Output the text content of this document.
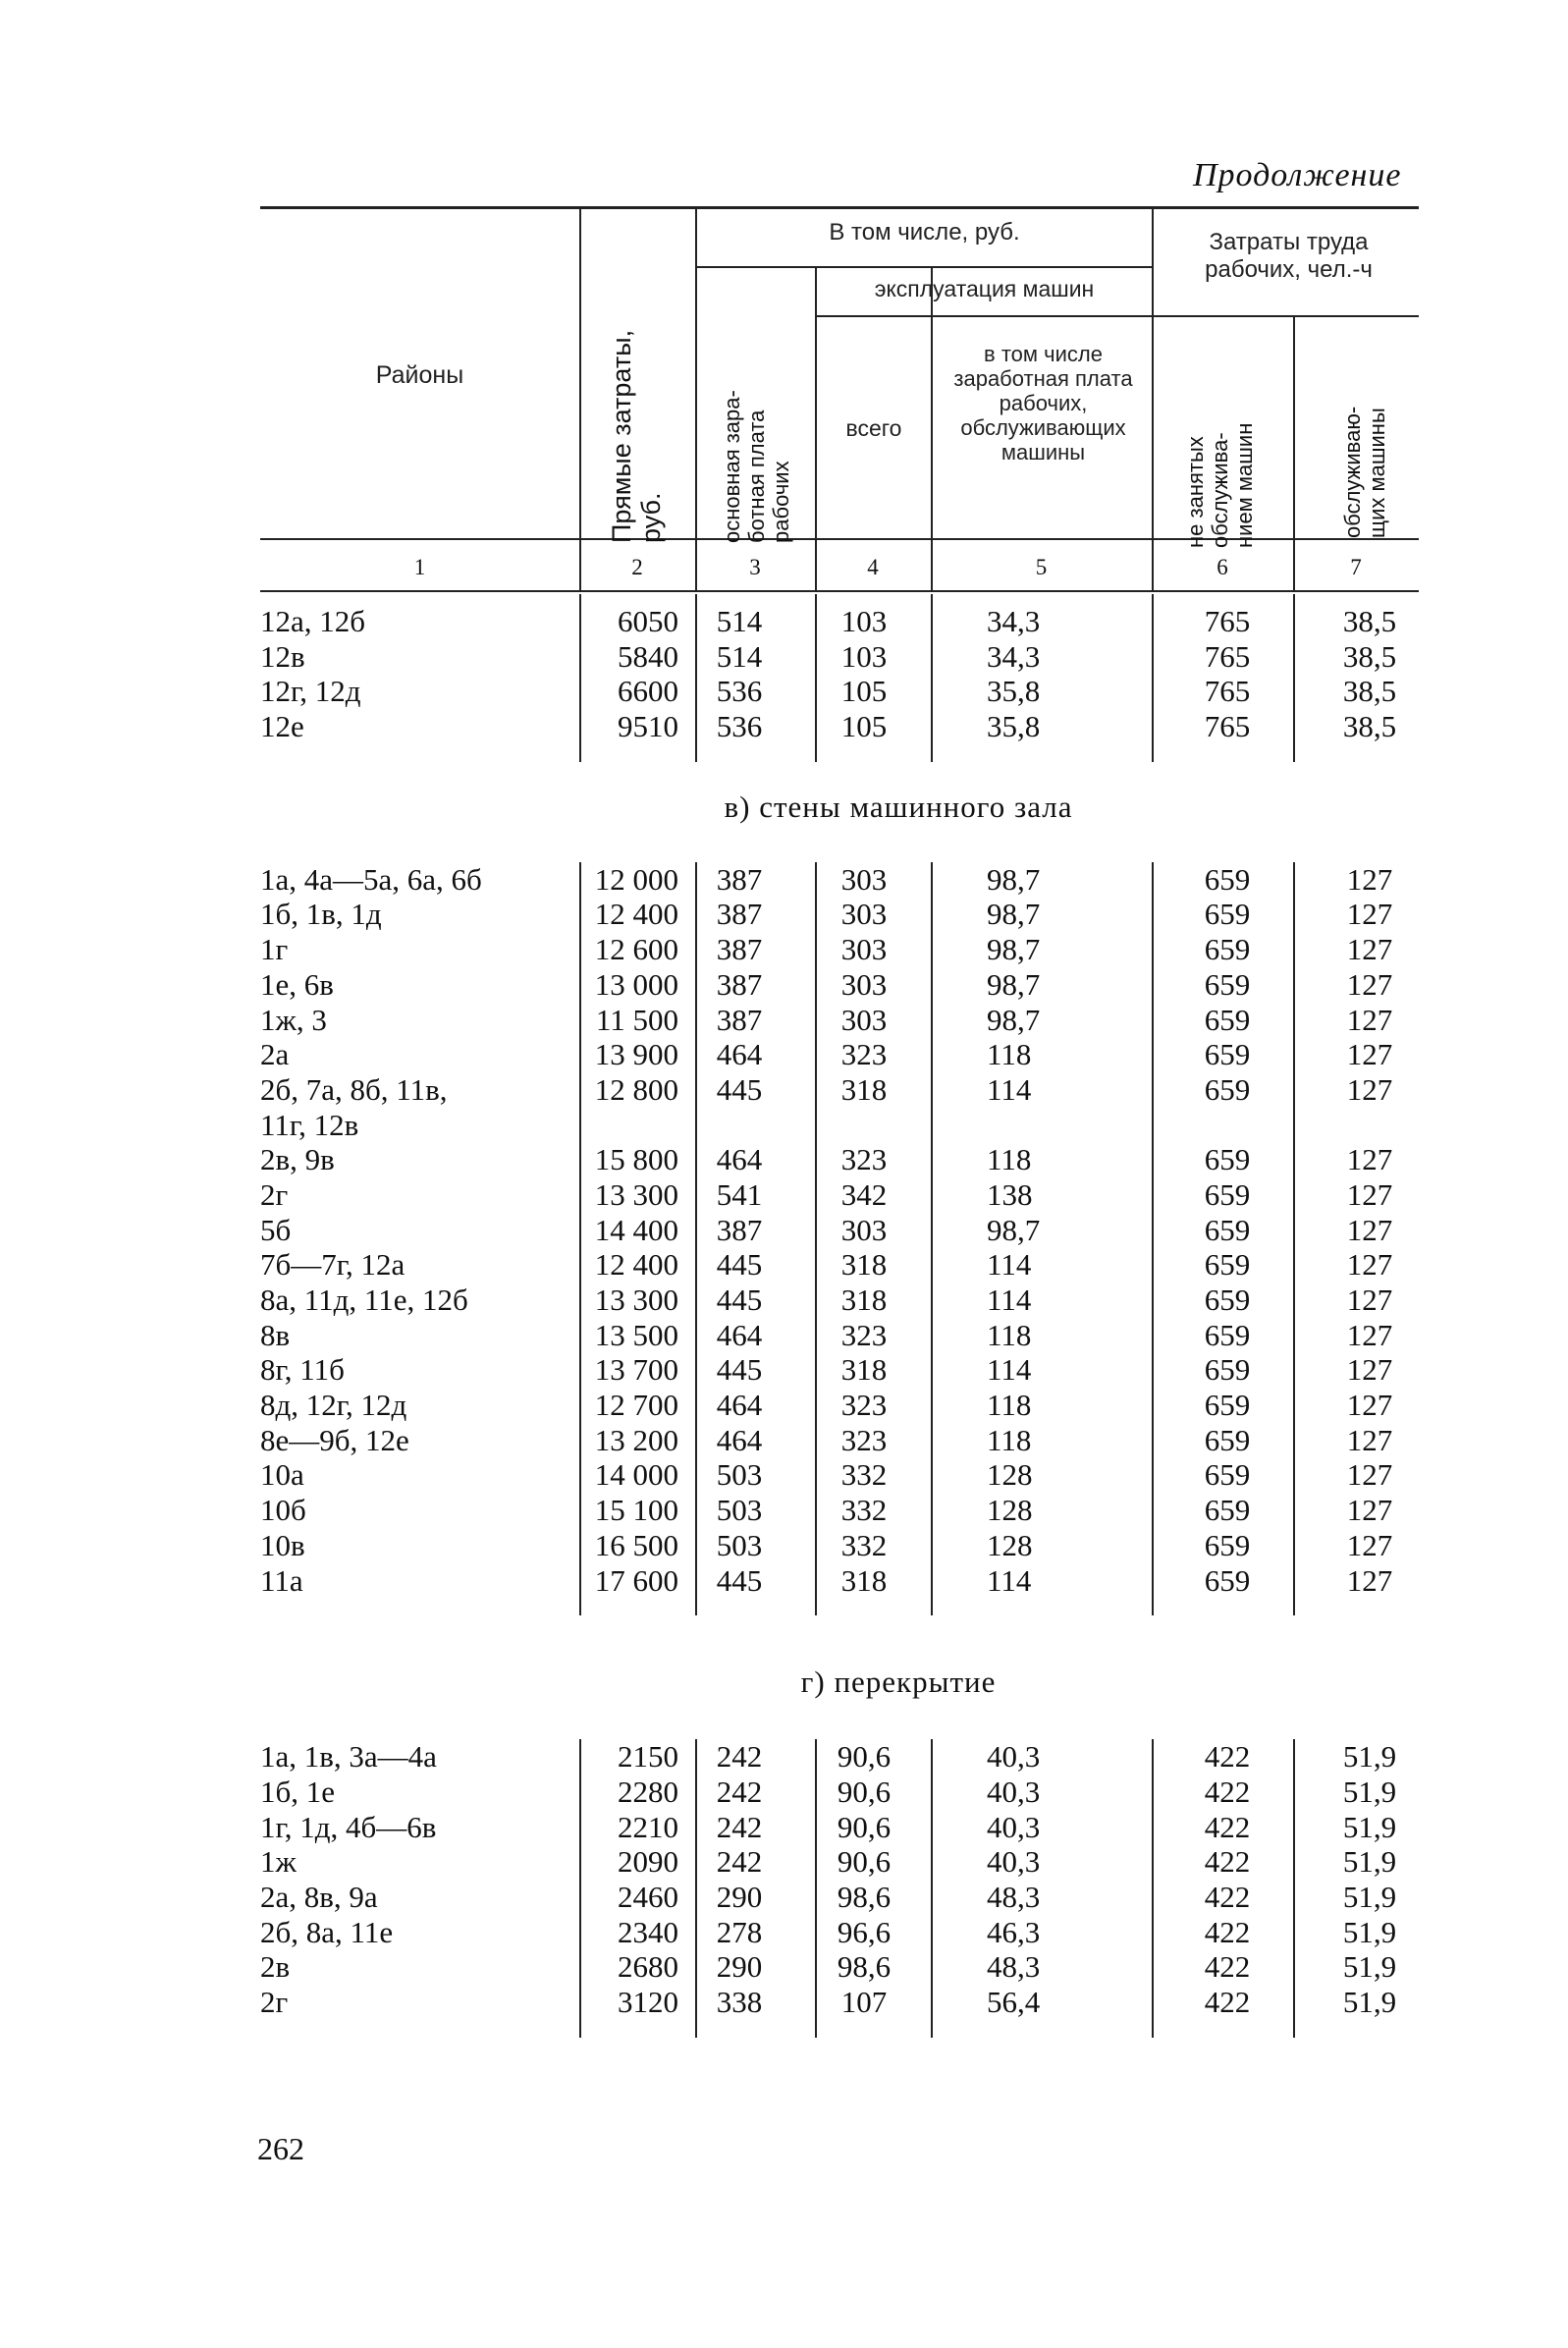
Продолжение
Районы
Прямые затраты,
руб.
В том числе, руб.
основная зара-
ботная плата
рабочих
эксплуатация машин
всего
в том числе заработная плата рабочих, обслуживающих машины
Затраты труда рабочих, чел.-ч
не занятых
обслужива-
нием машин	обслуживаю-
щих машины
1	2	3	4	5	6	7
12а, 12б	6050	514	103	34,3	765	38,5
12в	5840	514	103	34,3	765	38,5
12г, 12д	6600	536	105	35,8	765	38,5
12е	9510	536	105	35,8	765	38,5
в) стены машинного зала
1а, 4а—5а, 6а, 6б	12 000	387	303	98,7	659	127
1б, 1в, 1д	12 400	387	303	98,7	659	127
1г	12 600	387	303	98,7	659	127
1е, 6в	13 000	387	303	98,7	659	127
1ж, 3	11 500	387	303	98,7	659	127
2а	13 900	464	323	118	659	127
2б, 7а, 8б, 11в,	12 800	445	318	114	659	127
11г, 12в
2в, 9в	15 800	464	323	118	659	127
2г	13 300	541	342	138	659	127
5б	14 400	387	303	98,7	659	127
7б—7г, 12а	12 400	445	318	114	659	127
8а, 11д, 11е, 12б	13 300	445	318	114	659	127
8в	13 500	464	323	118	659	127
8г, 11б	13 700	445	318	114	659	127
8д, 12г, 12д	12 700	464	323	118	659	127
8е—9б, 12е	13 200	464	323	118	659	127
10а	14 000	503	332	128	659	127
10б	15 100	503	332	128	659	127
10в	16 500	503	332	128	659	127
11а	17 600	445	318	114	659	127
г) перекрытие
1а, 1в, 3а—4а	2150	242	90,6	40,3	422	51,9
1б, 1е	2280	242	90,6	40,3	422	51,9
1г, 1д, 4б—6в	2210	242	90,6	40,3	422	51,9
1ж	2090	242	90,6	40,3	422	51,9
2а, 8в, 9а	2460	290	98,6	48,3	422	51,9
2б, 8а, 11е	2340	278	96,6	46,3	422	51,9
2в	2680	290	98,6	48,3	422	51,9
2г	3120	338	107	56,4	422	51,9
262
